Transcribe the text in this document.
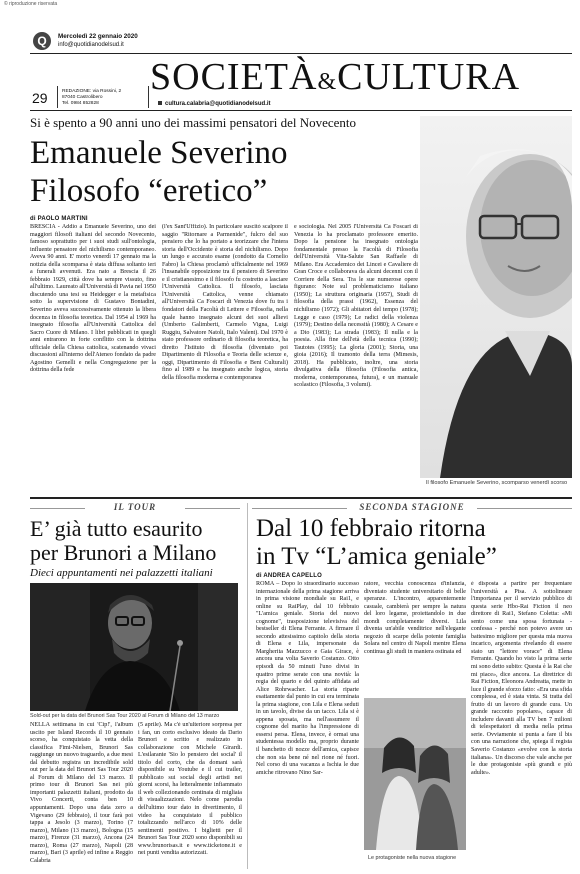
© riproduzione riservata
Q	Mercoledì 22 gennaio 2020
info@quotidianodelsud.it
29	REDAZIONE: via Rossini, 2
87040 Castrolibero
Tel. 0984 852828
SOCIETÀ&CULTURA
cultura.calabria@quotidianodelsud.it
Si è spento a 90 anni uno dei massimi pensatori del Novecento
Emanuele Severino
Filosofo “eretico”
Il filosofo Emanuele Severino, scomparso venerdì scorso
di PAOLO MARTINI

BRESCIA - Addio a Emanuele Severino, uno dei maggiori filosofi italiani del secondo Novecento, famoso soprattutto per i suoi studi sull'ontologia, influente pensatore del nichilismo contemporaneo. Aveva 90 anni. E' morto venerdì 17 gennaio ma la notizia della scomparsa è stata diffusa soltanto ieri a funerali avvenuti. Era nato a Brescia il 26 febbraio 1929, città dove ha sempre vissuto, fino all'ultimo. Laureato all'Università di Pavia nel 1950 discutendo una tesi su Heidegger e la metafisica sotto la supervisione di Gustavo Bontadini, Severino aveva successivamente ottenuto la libera docenza in filosofia teoretica. Dal 1954 al 1969 ha insegnato filosofia all'Università Cattolica del Sacro Cuore di Milano. I libri pubblicati in quegli anni entrarono in forte conflitto con la dottrina ufficiale della Chiesa cattolica, scatenando vivaci discussioni all'interno dell'Ateneo fondato da padre Agostino Gemelli e nella Congregazione per la dottrina della fede

(l'ex Sant'Uffizio). In particolare suscitò scalpore il saggio "Ritornare a Parmenide", fulcro del suo pensiero che lo ha portato a teorizzare che l'intera storia dell'Occidente è storia del nichilismo. Dopo un lungo e accurato esame (condotto da Cornelio Fabro) la Chiesa proclamò ufficialmente nel 1969 l'insanabile opposizione tra il pensiero di Severino e il cristianesimo e il filosofo fu costretto a lasciare l'Università Cattolica. Il filosofo, lasciata l'Università Cattolica, venne chiamato all'Università Ca Foscari di Venezia dove fu tra i fondatori della Facoltà di Lettere e Filosofia, nella quale hanno insegnato alcuni dei suoi allievi (Umberto Galimberti, Carmelo Vigna, Luigi Ruggiu, Salvatore Natoli, Italo Valent). Dal 1970 è stato professore ordinario di filosofia teoretica, ha diretto l'Istituto di filosofia (diventato poi Dipartimento di Filosofia e Teoria delle scienze e, oggi, Dipartimento di Filosofia e Beni Culturali) fino al 1989 e ha insegnato anche logica, storia della filosofia moderna e contemporanea

e sociologia. Nel 2005 l'Università Ca Foscari di Venezia lo ha proclamato professore emerito. Dopo la pensione ha insegnato ontologia fondamentale presso la Facoltà di Filosofia dell'Università Vita-Salute San Raffaele di Milano. Era Accademico dei Lincei e Cavaliere di Gran Croce e collaborava da alcuni decenni con il Corriere della Sera. Tra le sue numerose opere figurano: Note sul problematicismo italiano (1950); La struttura originaria (1957), Studi di filosofia della prassi (1962), Essenza del nichilismo (1972); Gli abitatori del tempo (1978); Legge e caso (1979); Le radici della violenza (1979); Destino della necessità (1980); A Cesare e a Dio (1983); La strada (1983); Il nulla e la poesia. Alla fine dell'età della tecnica (1990); Tautotes (1995); La gloria (2001); Storia, una gioia (2016); Il tramonto della terra (Mimesis, 2018). Ha pubblicato, inoltre, una storia divulgativa della filosofia (Filosofia antica, moderna, contemporanea, futura), e un manuale scolastico (Filosofia, 3 volumi).

IL TOUR
E’ già tutto esaurito
per Brunori a Milano
Dieci appuntamenti nei palazzetti italiani
Sold-out per la data del Brunori Sas Tour 2020 al Forum di Milano del 13 marzo

NELLA settimana in cui 'Cip!', l'album uscito per Island Records il 10 gennaio scorso, ha conquistato la vetta della classifica Fimi-Nielsen, Brunori Sas raggiunge un nuovo traguardo, a due mesi dal debutto registra un incredibile sold out per la data del Brunori Sas Tour 2020 al Forum di Milano del 13 marzo. Il primo tour di Brunori Sas nei più importanti palazzetti italiani, prodotto da Vivo Concerti, conta ben 10 appuntamenti. Dopo una data zero a Vigevano (29 febbraio), il tour farà poi tappa a Jesolo (3 marzo), Torino (7 marzo), Milano (13 marzo), Bologna (15 marzo), Firenze (31 marzo), Ancona (24 marzo), Roma (27 marzo), Napoli (28 marzo), Bari (3 aprile) ed infine a Reggio Calabria

(5 aprile). Ma c'è un'ulteriore sorpresa per i fan, un corto esclusivo ideato da Dario Brunori e scritto e realizzato in collaborazione con Michele Girardi. L'esilarante 'Sio lo pensiero dei social' il titolo del corto, che da domani sarà disponibile su Youtube e il cui trailer, pubblicato sui social degli artisti nei giorni scorsi, ha letteralmente infiammato il web collezionando centinaia di migliaia di visualizzazioni. Nelo come parodia dell'ultimo tour dato in divertimento, il video ha conquistato il pubblico totalizzando nell'arco di 10% delle sentimenti positivo. I biglietti per il Brunori Sas Tour 2020 sono disponibili su www.brunorisas.it e www.ticketone.it e nei punti vendita autorizzati.

SECONDA STAGIONE
Dal 10 febbraio ritorna
in Tv “L’amica geniale”
di ANDREA CAPELLO

ROMA – Dopo lo straordinario successo internazionale della prima stagione arriva in prima visione mondiale su Rai1, e online su RaiPlay, dal 10 febbraio "L'amica geniale. Storia del nuovo cognome", trasposizione televisiva del bestseller di Elena Ferrante. A firmare il secondo attesissimo capitolo della storia di Elena e Lila, impersonate da Margherita Mazzucco e Gaia Girace, è ancora una volta Saverio Costanzo. Otto episodi da 50 minuti l'uno divisi in quattro prime serate con una novità: la regia del quarto e del quinto affidata ad Alice Rohrwacher. La storia riparte esattamente dal punto in cui era terminata la prima stagione, con Lila e Elena seduti in un tavolo, divise da un tacco. Lila si è appena sposata, ma nell'assumere il cognome del marito ha l'impressione di essersi persa. Elena, invece, è ormai una studentessa modello ma, proprio durante il banchetto di nozze dell'amica, capisce che non sta bene né nel rione né fuori. Nel corso di una vacanza a Ischia le due amiche ritrovano Nino Sar-

ratore, vecchia conoscenza d'infanzia, diventato studente universitario di belle speranze. L'incontro, apparentemente casuale, cambierà per sempre la natura del loro legame, proiettandolo in due mondi completamente diversi. Lila diventa un'abile venditrice nell'elegante negozio di scarpe della potente famiglia Solara nel centro di Napoli mentre Elena continua gli studi in maniera ostinata ed

è disposta a partire per frequentare l'università a Pisa. A sottolineare l'importanza per il servizio pubblico di questa serie Hbo-Rai Fiction il neo direttore di Rai1, Stefano Coletta: «Mi sento come una sposa fortunata - confessa - perché non potevo avere un battesimo migliore per questa mia nuova incarico, argomenta rivelando di essere stato un "lettore vorace" di Elena Ferrante. Quando ho visto la prima serie mi sono detto subito: Questa è la Rai che mi piace», dice ancora. La direttrice di Rai Fiction, Eleonora Andreatta, mette in luce il grande sforzo fatto: «Era una sfida complessa, ed è stata vinta. Si tratta del frutto di un lavoro di grande cura. Un grande racconto popolare», capace di includere davanti alla TV ben 7 milioni di telespettatori di media nella prima serie. Ovviamente si punta a fare il bis con una narrazione che, spiega il regista Saverio Costanzo «evolve con la storia italiana». Un discorso che vale anche per le due protagoniste «più grandi e più adulte».

Le protagoniste nella nuova stagione
